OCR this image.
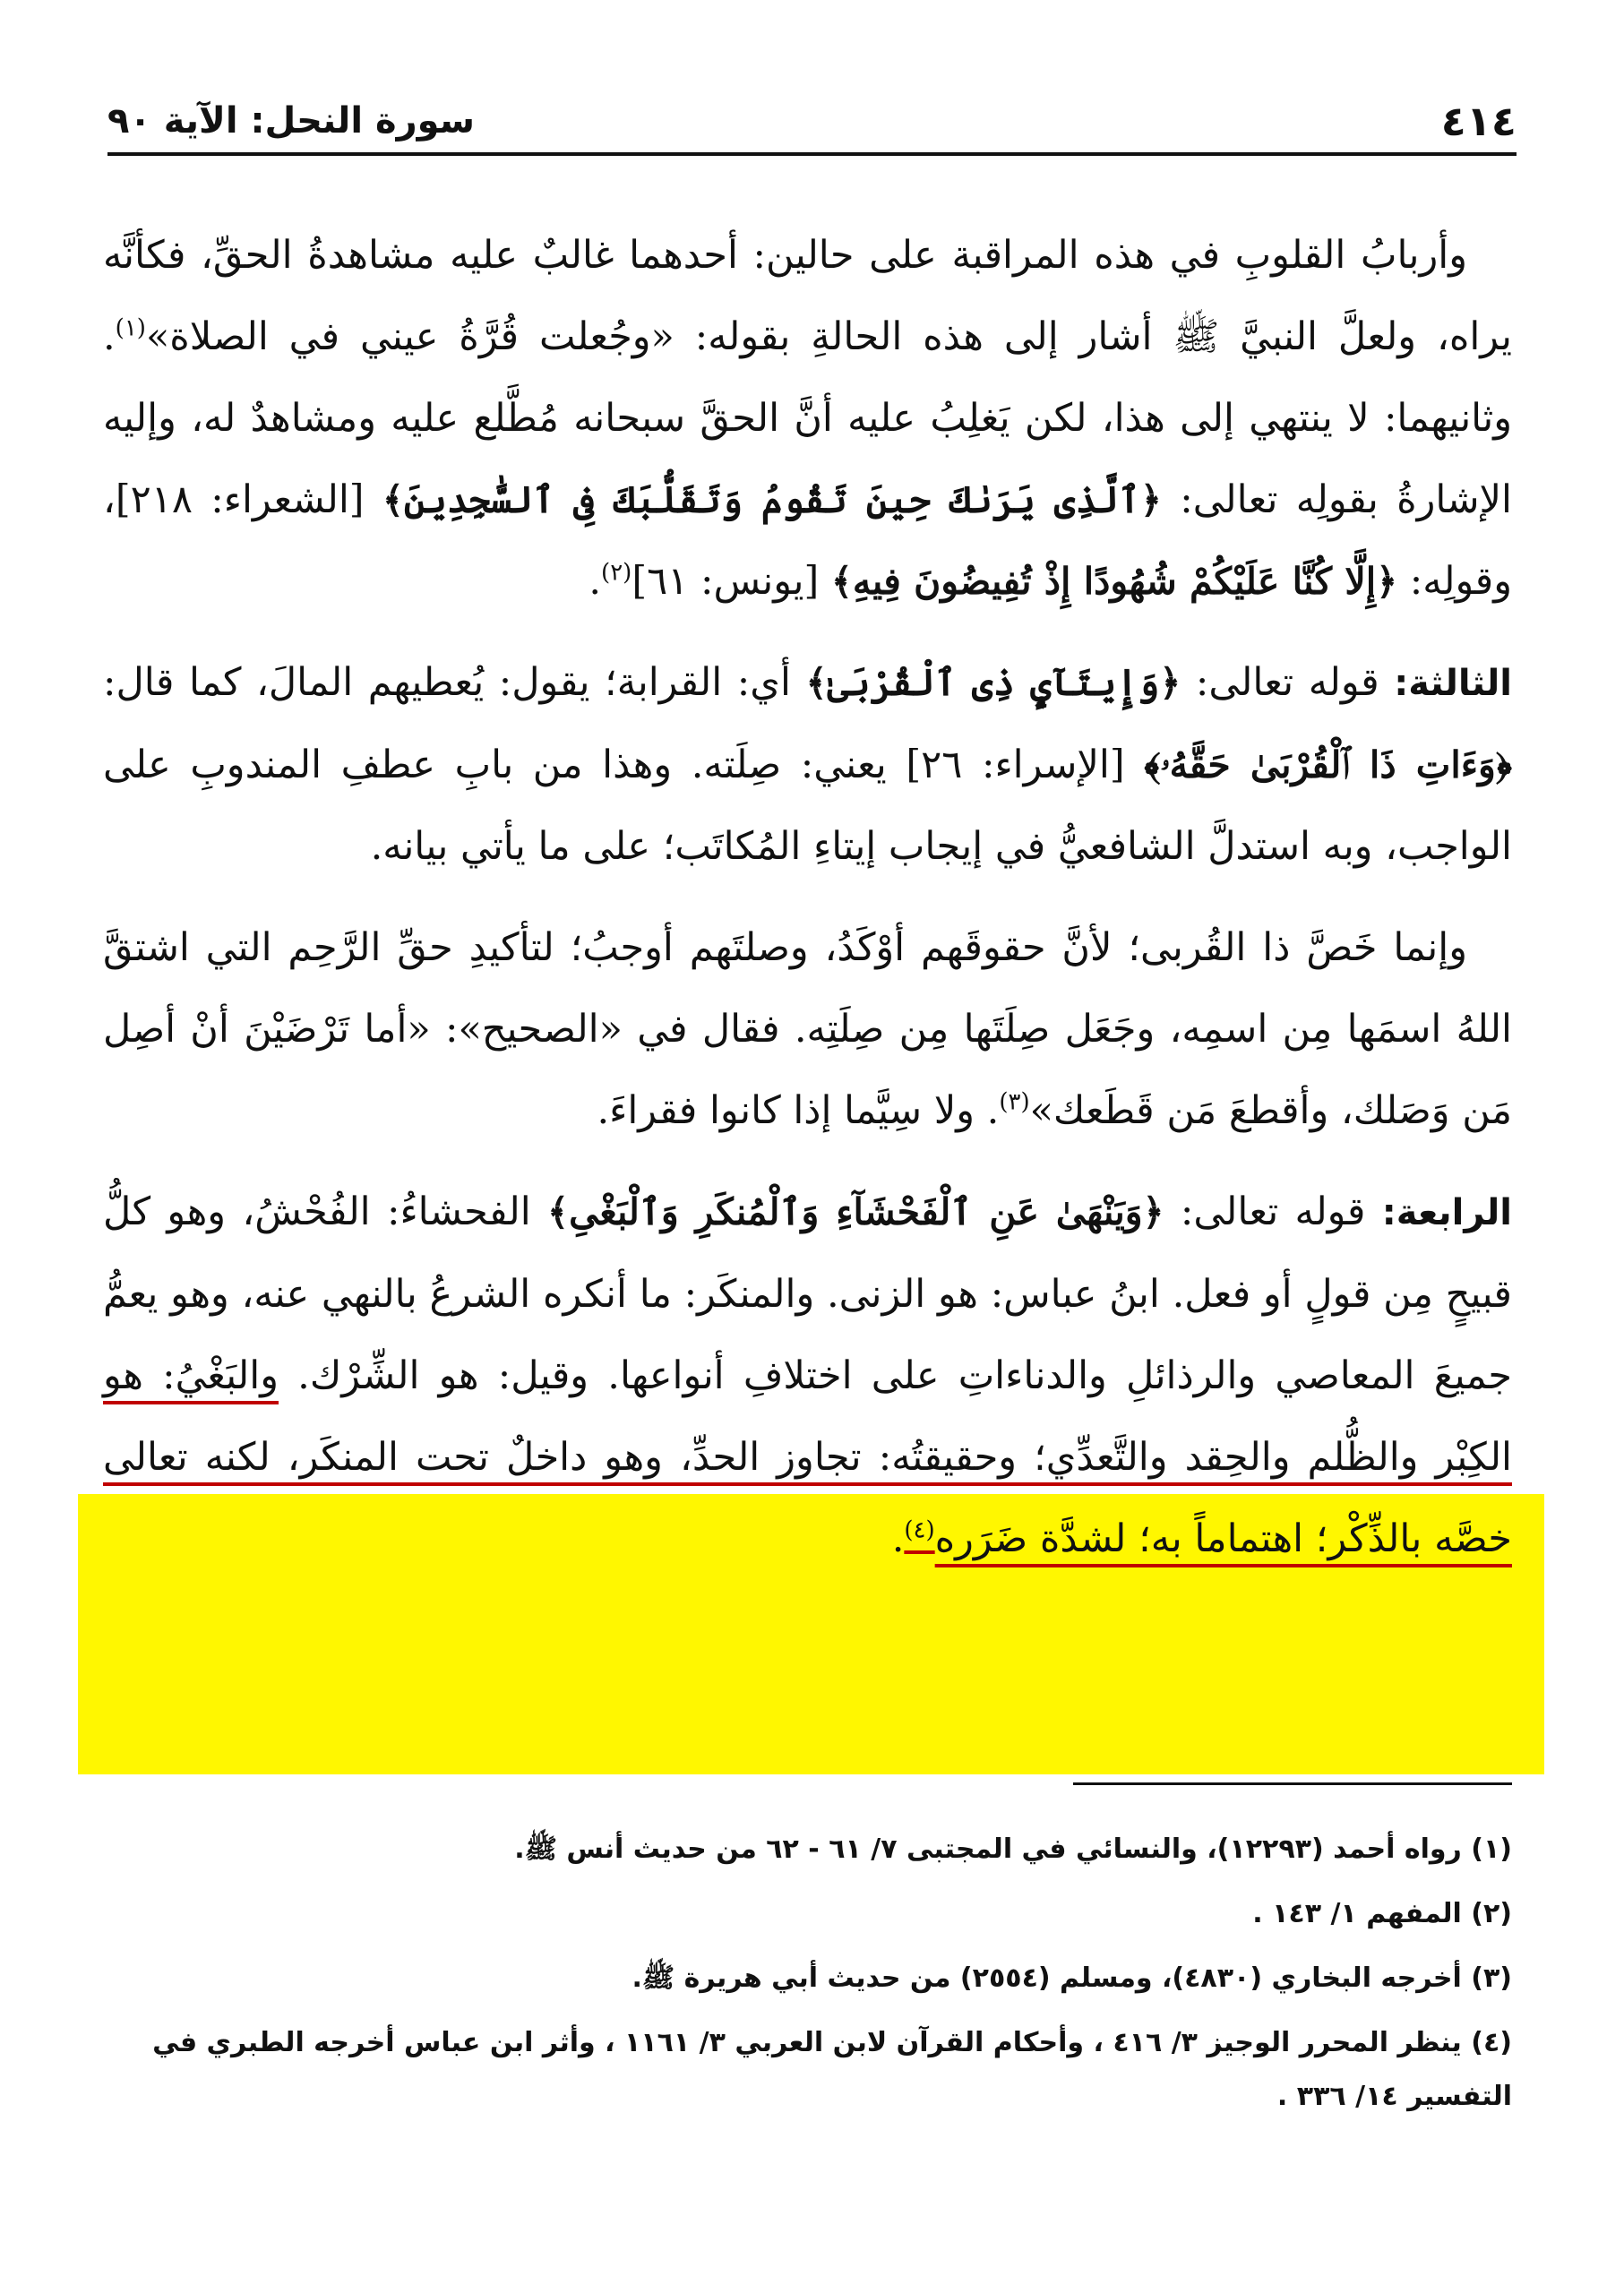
٤١٤
سورة النحل: الآية ٩٠

وأربابُ القلوبِ في هذه المراقبة على حالين: أحدهما غالبٌ عليه مشاهدةُ الحقِّ، فكأنَّه يراه، ولعلَّ النبيَّ ﷺ أشار إلى هذه الحالةِ بقوله: «وجُعلت قُرَّةُ عيني في الصلاة»$^{(١)}$. وثانيهما: لا ينتهي إلى هذا، لكن يَغلِبُ عليه أنَّ الحقَّ سبحانه مُطَّلع عليه ومشاهدٌ له، وإليه الإشارةُ بقولِه تعالى: ﴿ٱلَّذِى يَرَىٰكَ حِينَ تَقُومُ وَتَقَلُّبَكَ فِى ٱلسَّٰجِدِينَ﴾ [الشعراء: ٢١٨]، وقولِه: ﴿إِلَّا كُنَّا عَلَيْكُمْ شُهُودًا إِذْ تُفِيضُونَ فِيهِ﴾ [يونس: ٦١]$^{(٢)}$.

الثالثة: قوله تعالى: ﴿وَإِيتَآيِٕ ذِى ٱلْقُرْبَىٰ﴾ أي: القرابة؛ يقول: يُعطيهم المالَ، كما قال: ﴿وَءَاتِ ذَا ٱلْقُرْبَىٰ حَقَّهُۥ﴾ [الإسراء: ٢٦] يعني: صِلَته. وهذا من بابِ عطفِ المندوبِ على الواجب، وبه استدلَّ الشافعيُّ في إيجاب إيتاءِ المُكاتَب؛ على ما يأتي بيانه.

وإنما خَصَّ ذا القُربى؛ لأنَّ حقوقَهم أوْكَدُ، وصلتَهم أوجبُ؛ لتأكيدِ حقِّ الرَّحِم التي اشتقَّ اللهُ اسمَها مِن اسمِه، وجَعَل صِلَتَها مِن صِلَتِه. فقال في «الصحيح»: «أما تَرْضَيْنَ أنْ أصِل مَن وَصَلك، وأقطعَ مَن قَطَعك»$^{(٣)}$. ولا سِيَّما إذا كانوا فقراءَ.

الرابعة: قوله تعالى: ﴿وَيَنْهَىٰ عَنِ ٱلْفَحْشَآءِ وَٱلْمُنكَرِ وَٱلْبَغْىِ﴾ الفحشاءُ: الفُحْشُ، وهو كلُّ قبيحٍ مِن قولٍ أو فعل. ابنُ عباس: هو الزنى. والمنكَر: ما أنكره الشرعُ بالنهي عنه، وهو يعمُّ جميعَ المعاصي والرذائلِ والدناءاتِ على اختلافِ أنواعها. وقيل: هو الشِّرْك. والبَغْيُ: هو الكِبْر والظُّلم والحِقد والتَّعدِّي؛ وحقيقتُه: تجاوز الحدِّ، وهو داخلٌ تحت المنكَر، لكنه تعالى خصَّه بالذِّكْر؛ اهتماماً به؛ لشدَّة ضَرَره$^{(٤)}$.

(١) رواه أحمد (١٢٢٩٣)، والنسائي في المجتبى ٧/ ٦١ - ٦٢ من حديث أنس ﷺ.

(٢) المفهم ١/ ١٤٣ .

(٣) أخرجه البخاري (٤٨٣٠)، ومسلم (٢٥٥٤) من حديث أبي هريرة ﷺ.

(٤) ينظر المحرر الوجيز ٣/ ٤١٦ ، وأحكام القرآن لابن العربي ٣/ ١١٦١ ، وأثر ابن عباس أخرجه الطبري في التفسير ١٤/ ٣٣٦ .
